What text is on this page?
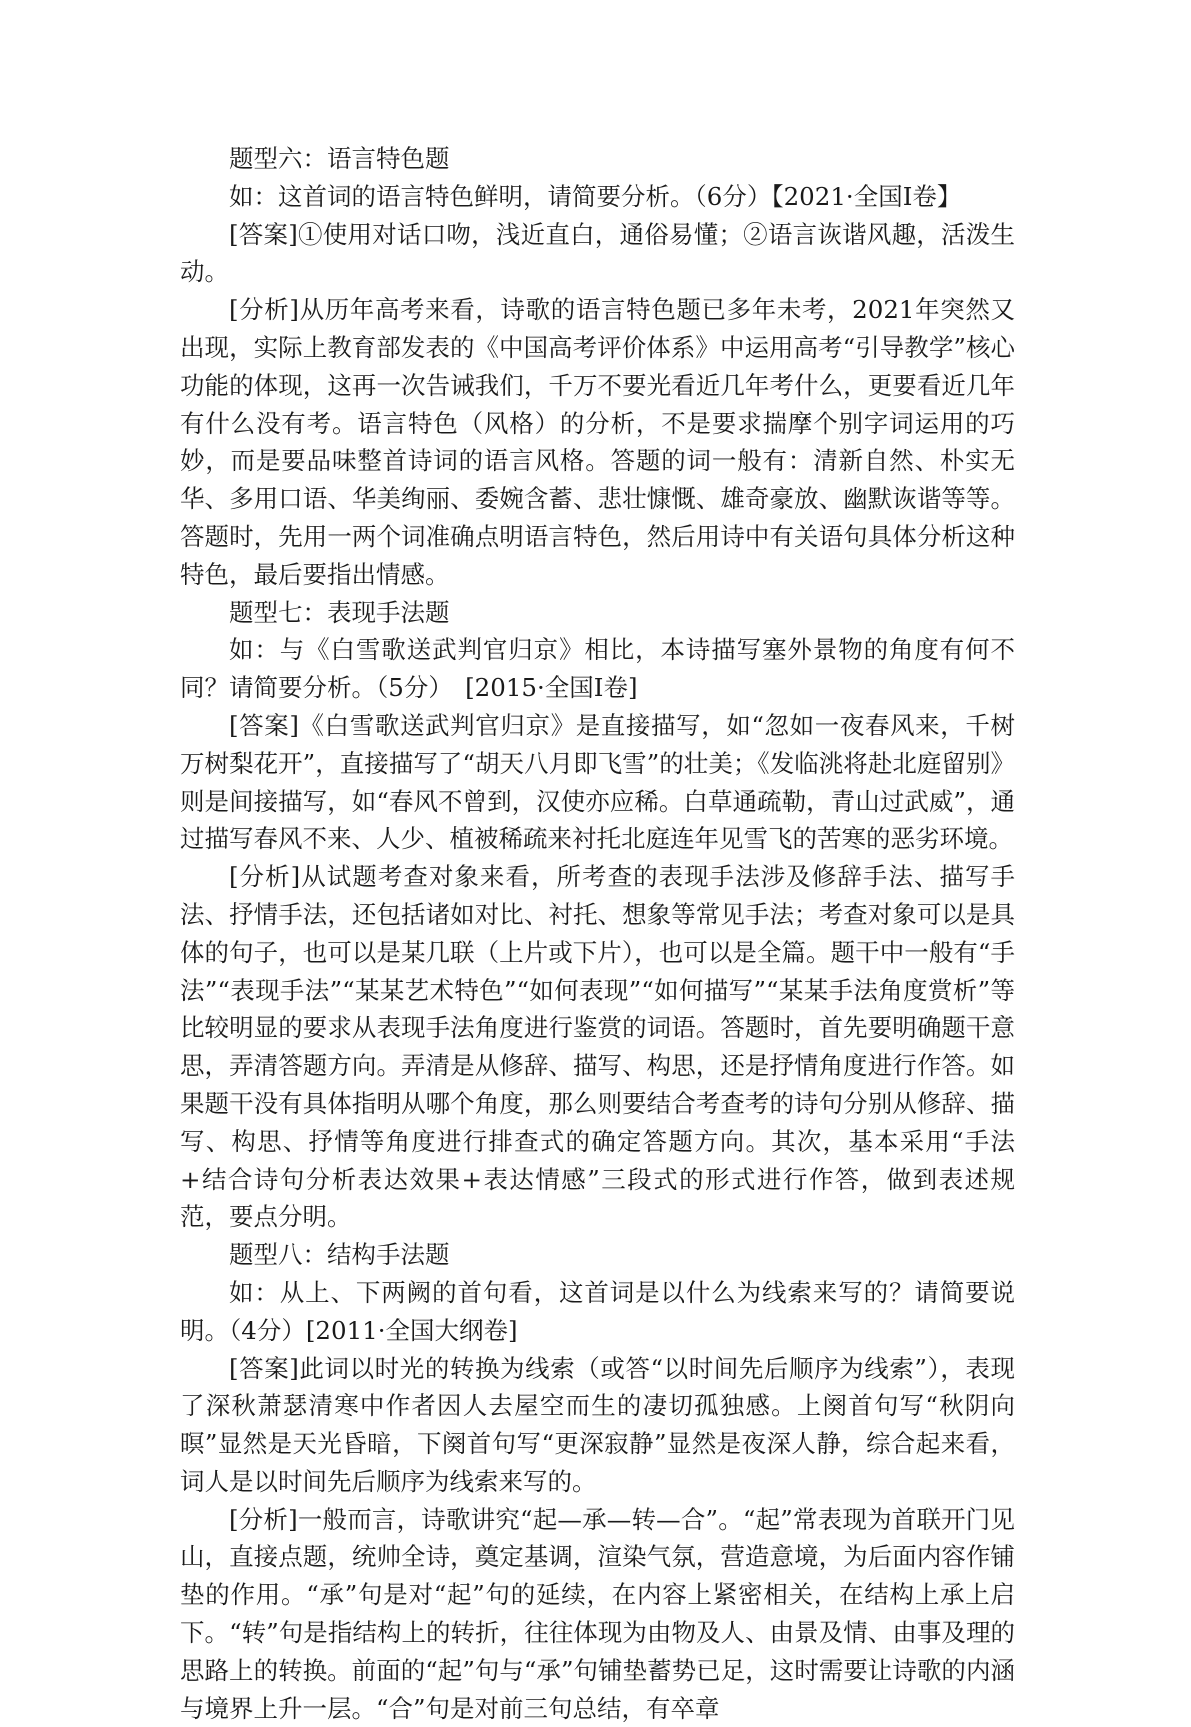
题型六：语言特色题

如：这首词的语言特色鲜明，请简要分析。（6分）【2021·全国Ⅰ卷】

[答案]①使用对话口吻，浅近直白，通俗易懂；②语言诙谐风趣，活泼生动。

[分析]从历年高考来看，诗歌的语言特色题已多年未考，2021年突然又出现，实际上教育部发表的《中国高考评价体系》中运用高考“引导教学”核心功能的体现，这再一次告诫我们，千万不要光看近几年考什么，更要看近几年有什么没有考。语言特色（风格）的分析，不是要求揣摩个别字词运用的巧妙，而是要品味整首诗词的语言风格。答题的词一般有：清新自然、朴实无华、多用口语、华美绚丽、委婉含蓄、悲壮慷慨、雄奇豪放、幽默诙谐等等。答题时，先用一两个词准确点明语言特色，然后用诗中有关语句具体分析这种特色，最后要指出情感。

题型七：表现手法题

如：与《白雪歌送武判官归京》相比，本诗描写塞外景物的角度有何不同？请简要分析。（5分）　[2015·全国Ⅰ卷]

[答案]《白雪歌送武判官归京》是直接描写，如“忽如一夜春风来，千树万树梨花开”，直接描写了“胡天八月即飞雪”的壮美；《发临洮将赴北庭留别》则是间接描写，如“春风不曾到，汉使亦应稀。白草通疏勒，青山过武威”，通过描写春风不来、人少、植被稀疏来衬托北庭连年见雪飞的苦寒的恶劣环境。

[分析]从试题考查对象来看，所考查的表现手法涉及修辞手法、描写手法、抒情手法，还包括诸如对比、衬托、想象等常见手法；考查对象可以是具体的句子，也可以是某几联（上片或下片），也可以是全篇。题干中一般有“手法”“表现手法”“某某艺术特色”“如何表现”“如何描写”“某某手法角度赏析”等比较明显的要求从表现手法角度进行鉴赏的词语。答题时，首先要明确题干意思，弄清答题方向。弄清是从修辞、描写、构思，还是抒情角度进行作答。如果题干没有具体指明从哪个角度，那么则要结合考查考的诗句分别从修辞、描写、构思、抒情等角度进行排查式的确定答题方向。其次，基本采用“手法+结合诗句分析表达效果+表达情感”三段式的形式进行作答，做到表述规范，要点分明。

题型八：结构手法题

如：从上、下两阙的首句看，这首词是以什么为线索来写的？请简要说明。（4分）[2011·全国大纲卷]

[答案]此词以时光的转换为线索（或答“以时间先后顺序为线索”），表现了深秋萧瑟清寒中作者因人去屋空而生的凄切孤独感。上阕首句写“秋阴向暝”显然是天光昏暗，下阕首句写“更深寂静”显然是夜深人静，综合起来看，词人是以时间先后顺序为线索来写的。

[分析]一般而言，诗歌讲究“起—承—转—合”。“起”常表现为首联开门见山，直接点题，统帅全诗，奠定基调，渲染气氛，营造意境，为后面内容作铺垫的作用。“承”句是对“起”句的延续，在内容上紧密相关，在结构上承上启下。“转”句是指结构上的转折，往往体现为由物及人、由景及情、由事及理的思路上的转换。前面的“起”句与“承”句铺垫蓄势已足，这时需要让诗歌的内涵与境界上升一层。“合”句是对前三句总结，有卒章
